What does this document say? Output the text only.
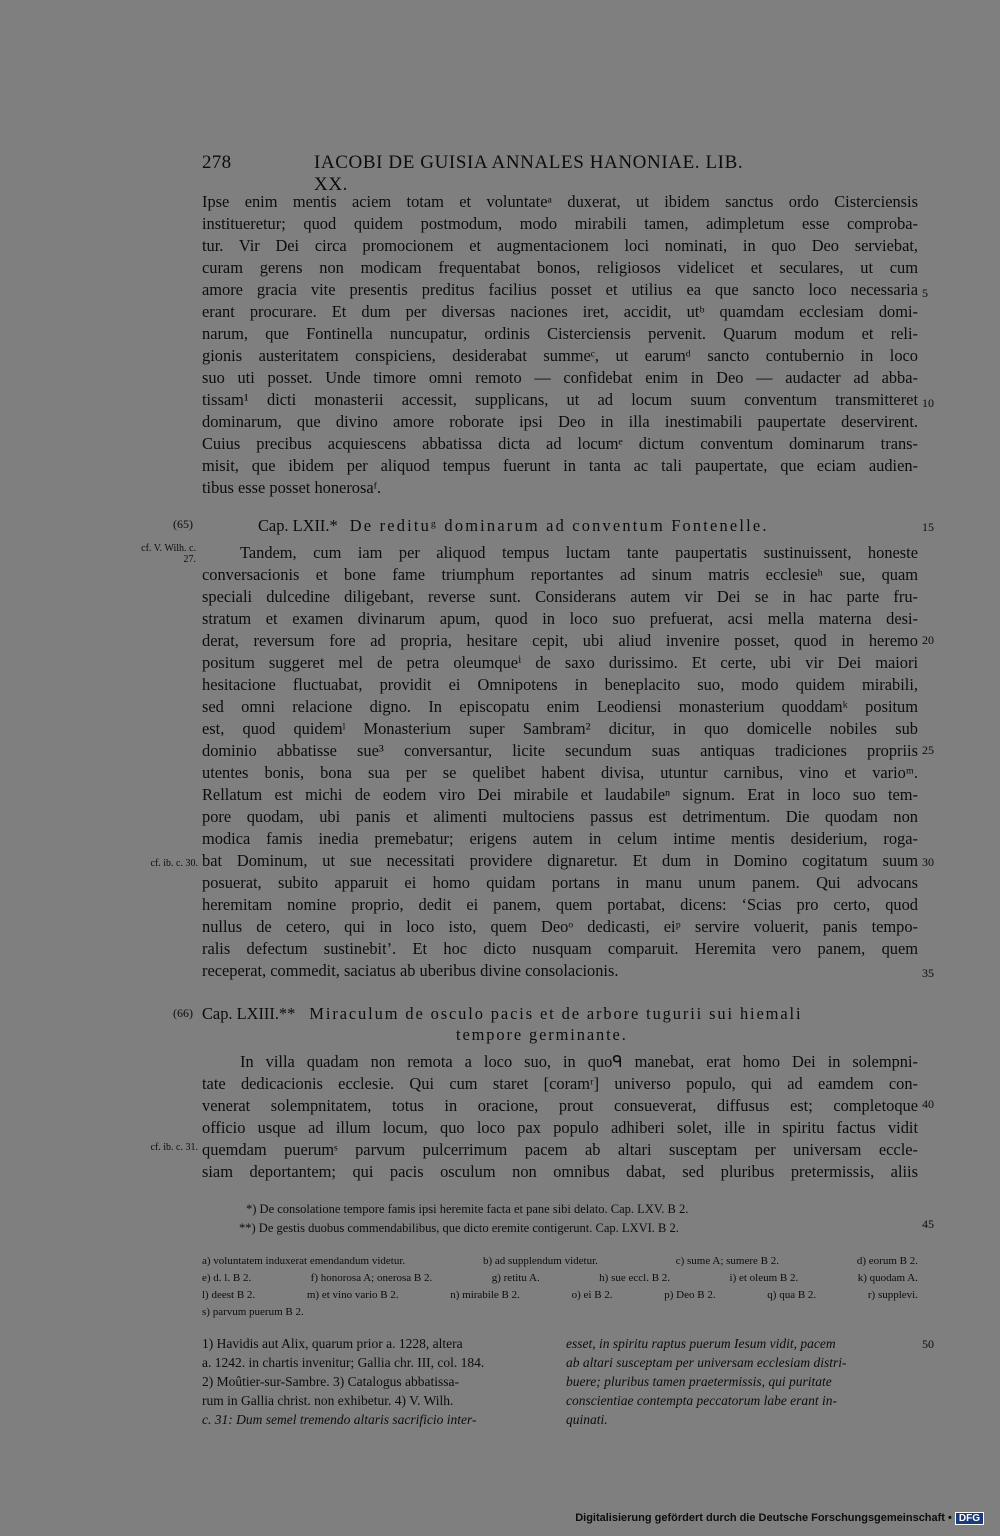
278	IACOBI DE GUISIA ANNALES HANONIAE. LIB. XX.
Ipse enim mentis aciem totam et voluntateᵃ duxerat, ut ibidem sanctus ordo Cisterciensis
institueretur; quod quidem postmodum, modo mirabili tamen, adimpletum esse comproba-
tur. Vir Dei circa promocionem et augmentacionem loci nominati, in quo Deo serviebat,
curam gerens non modicam frequentabat bonos, religiosos videlicet et seculares, ut cum
amore gracia vite presentis preditus facilius posset et utilius ea que sancto loco necessaria
erant procurare. Et dum per diversas naciones iret, accidit, utᵇ quamdam ecclesiam domi-
narum, que Fontinella nuncupatur, ordinis Cisterciensis pervenit. Quarum modum et reli-
gionis austeritatem conspiciens, desiderabat summeᶜ, ut earumᵈ sancto contubernio in loco
suo uti posset. Unde timore omni remoto — confidebat enim in Deo — audacter ad abba-
tissam¹ dicti monasterii accessit, supplicans, ut ad locum suum conventum transmitteret
dominarum, que divino amore roborate ipsi Deo in illa inestimabili paupertate deservirent.
Cuius precibus acquiescens abbatissa dicta ad locumᵉ dictum conventum dominarum trans-
misit, que ibidem per aliquod tempus fuerunt in tanta ac tali paupertate, que eciam audien-
tibus esse posset honerosaᶠ.
5
10
15
20
25
30
35
40
45
50
(65)	Cap. LXII.* De redituᵍ dominarum ad conventum Fontenelle.
cf. V. Wilh. c. 27.
cf. ib. c. 30.
cf. ib. c. 31.
Tandem, cum iam per aliquod tempus luctam tante paupertatis sustinuissent, honeste
conversacionis et bone fame triumphum reportantes ad sinum matris ecclesieʰ sue, quam
speciali dulcedine diligebant, reverse sunt. Considerans autem vir Dei se in hac parte fru-
stratum et examen divinarum apum, quod in loco suo prefuerat, acsi mella materna desi-
derat, reversum fore ad propria, hesitare cepit, ubi aliud invenire posset, quod in heremo
positum suggeret mel de petra oleumqueⁱ de saxo durissimo. Et certe, ubi vir Dei maiori
hesitacione fluctuabat, providit ei Omnipotens in beneplacito suo, modo quidem mirabili,
sed omni relacione digno. In episcopatu enim Leodiensi monasterium quoddamᵏ positum
est, quod quidemˡ Monasterium super Sambram² dicitur, in quo domicelle nobiles sub
dominio abbatisse sue³ conversantur, licite secundum suas antiquas tradiciones propriis
utentes bonis, bona sua per se quelibet habent divisa, utuntur carnibus, vino et varioᵐ.
Rellatum est michi de eodem viro Dei mirabile et laudabileⁿ signum. Erat in loco suo tem-
pore quodam, ubi panis et alimenti multociens passus est detrimentum. Die quodam non
modica famis inedia premebatur; erigens autem in celum intime mentis desiderium, roga-
bat Dominum, ut sue necessitati providere dignaretur. Et dum in Domino cogitatum suum
posuerat, subito apparuit ei homo quidam portans in manu unum panem. Qui advocans
heremitam nomine proprio, dedit ei panem, quem portabat, dicens: ‘Scias pro certo, quod
nullus de cetero, qui in loco isto, quem Deoᵒ dedicasti, eiᵖ servire voluerit, panis tempo-
ralis defectum sustinebit’. Et hoc dicto nusquam comparuit. Heremita vero panem, quem
receperat, commedit, saciatus ab uberibus divine consolacionis.
(66) Cap. LXIII.** Miraculum de osculo pacis et de arbore tugurii sui hiemali
tempore germinante.
In villa quadam non remota a loco suo, in quoᑫ manebat, erat homo Dei in solempni-
tate dedicacionis ecclesie. Qui cum staret [coramʳ] universo populo, qui ad eamdem con-
venerat solempnitatem, totus in oracione, prout consueverat, diffusus est; completoque
officio usque ad illum locum, quo loco pax populo adhiberi solet, ille in spiritu factus vidit
quemdam puerumˢ parvum pulcerrimum pacem ab altari susceptam per universam eccle-
siam deportantem; qui pacis osculum non omnibus dabat, sed pluribus pretermissis, aliis
*) De consolatione tempore famis ipsi heremite facta et pane sibi delato. Cap. LXV. B 2.
**) De gestis duobus commendabilibus, que dicto eremite contigerunt. Cap. LXVI. B 2.
a) voluntatem induxerat emendandum videtur.	b) ad supplendum videtur.	c) sume A; sumere B 2.	d) eorum B 2.
e) d. l. B 2.	f) honorosa A; onerosa B 2.	g) retitu A.	h) sue eccl. B 2.	i) et oleum B 2.	k) quodam A.
l) deest B 2.	m) et vino vario B 2.	n) mirabile B 2.	o) ei B 2.	p) Deo B 2.	q) qua B 2.	r) supplevi.
s) parvum puerum B 2.
1) Havidis aut Alix, quarum prior a. 1228, altera
a. 1242. in chartis invenitur; Gallia chr. III, col. 184.
2) Moûtier-sur-Sambre. 3) Catalogus abbatissa-
rum in Gallia christ. non exhibetur. 4) V. Wilh.
c. 31: Dum semel tremendo altaris sacrificio inter-
esset, in spiritu raptus puerum Iesum vidit, pacem
ab altari susceptam per universam ecclesiam distri-
buere; pluribus tamen praetermissis, qui puritate
conscientiae contempta peccatorum labe erant in-
quinati.
Digitalisierung gefördert durch die Deutsche Forschungsgemeinschaft • DFG
